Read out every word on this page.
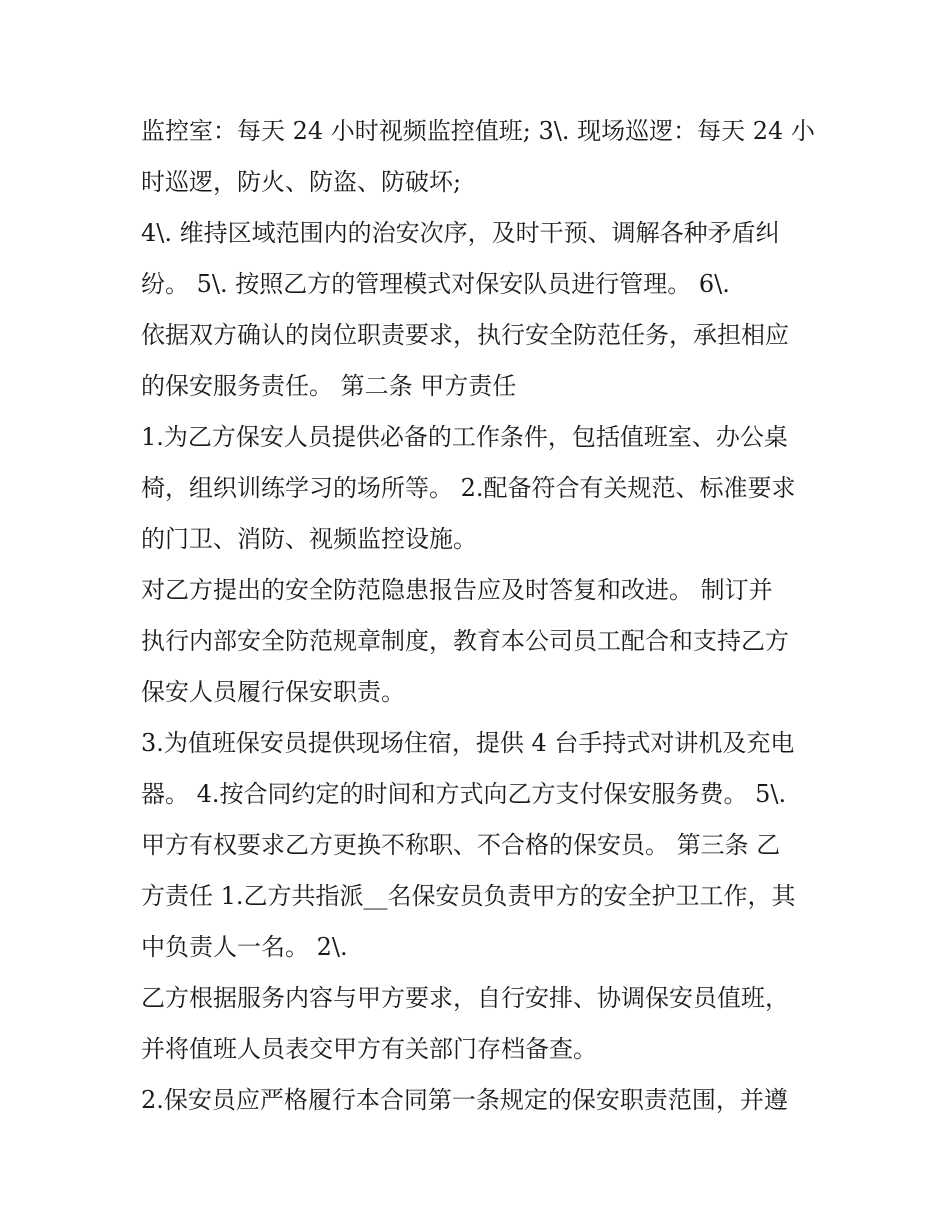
监控室：每天 24 小时视频监控值班; 3\. 现场巡逻：每天 24 小
时巡逻，防火、防盗、防破坏;
4\. 维持区域范围内的治安次序，及时干预、调解各种矛盾纠
纷。 5\. 按照乙方的管理模式对保安队员进行管理。 6\.
依据双方确认的岗位职责要求，执行安全防范任务，承担相应
的保安服务责任。 第二条 甲方责任
1.为乙方保安人员提供必备的工作条件，包括值班室、办公桌
椅，组织训练学习的场所等。 2.配备符合有关规范、标准要求
的门卫、消防、视频监控设施。
对乙方提出的安全防范隐患报告应及时答复和改进。 制订并
执行内部安全防范规章制度，教育本公司员工配合和支持乙方
保安人员履行保安职责。
3.为值班保安员提供现场住宿，提供 4 台手持式对讲机及充电
器。 4.按合同约定的时间和方式向乙方支付保安服务费。 5\.
甲方有权要求乙方更换不称职、不合格的保安员。 第三条 乙
方责任 1.乙方共指派__名保安员负责甲方的安全护卫工作，其
中负责人一名。 2\.
乙方根据服务内容与甲方要求，自行安排、协调保安员值班，
并将值班人员表交甲方有关部门存档备查。
2.保安员应严格履行本合同第一条规定的保安职责范围，并遵
